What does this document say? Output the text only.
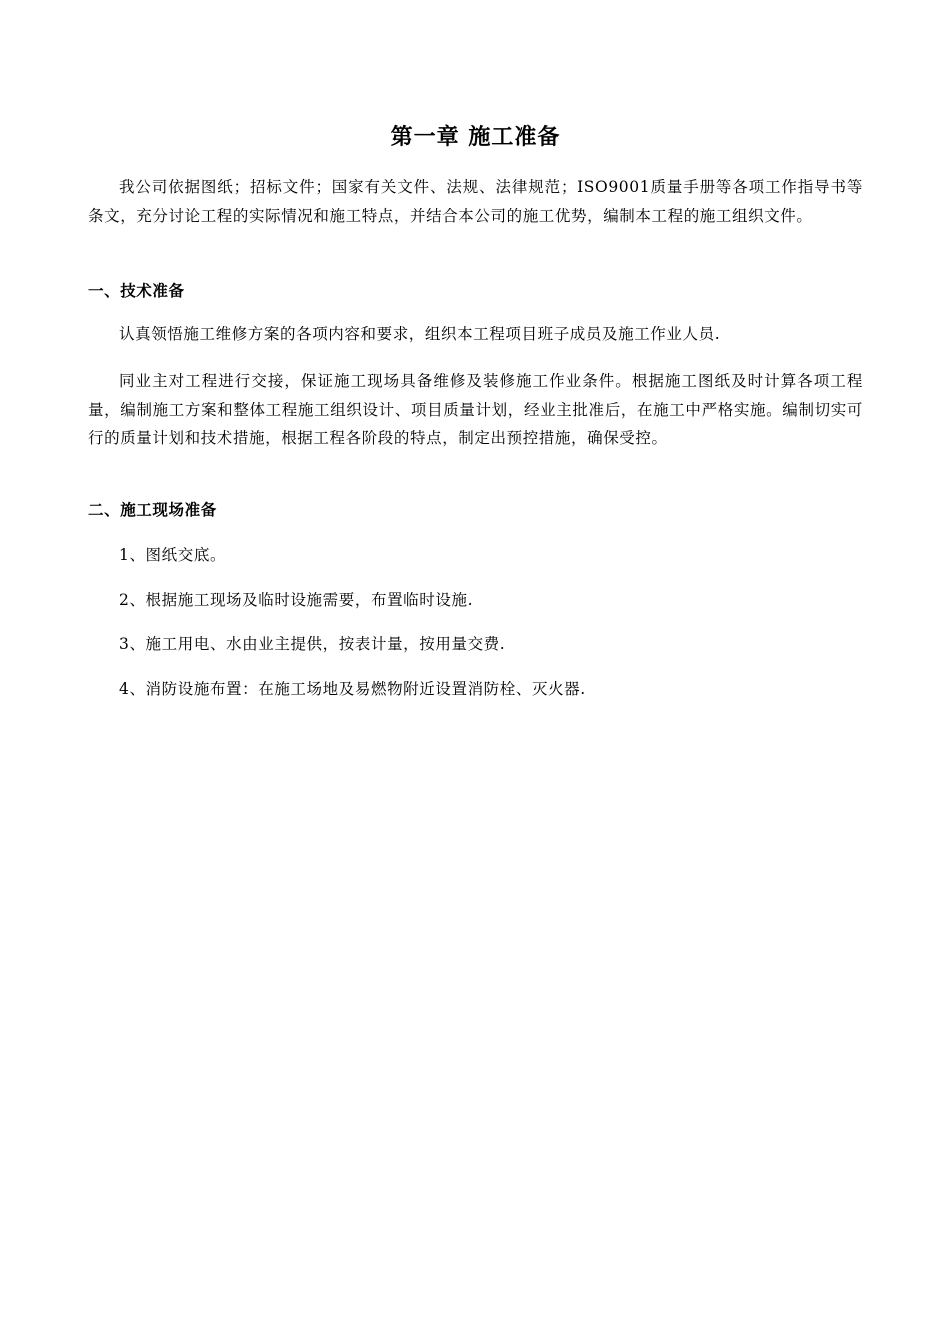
第一章 施工准备

我公司依据图纸；招标文件；国家有关文件、法规、法律规范；ISO9001质量手册等各项工作指导书等条文，充分讨论工程的实际情况和施工特点，并结合本公司的施工优势，编制本工程的施工组织文件。

一、技术准备

认真领悟施工维修方案的各项内容和要求，组织本工程项目班子成员及施工作业人员.

同业主对工程进行交接，保证施工现场具备维修及装修施工作业条件。根据施工图纸及时计算各项工程量，编制施工方案和整体工程施工组织设计、项目质量计划，经业主批准后，在施工中严格实施。编制切实可行的质量计划和技术措施，根据工程各阶段的特点，制定出预控措施，确保受控。

二、施工现场准备

1、图纸交底。

2、根据施工现场及临时设施需要，布置临时设施.

3、施工用电、水由业主提供，按表计量，按用量交费.

4、消防设施布置：在施工场地及易燃物附近设置消防栓、灭火器.
